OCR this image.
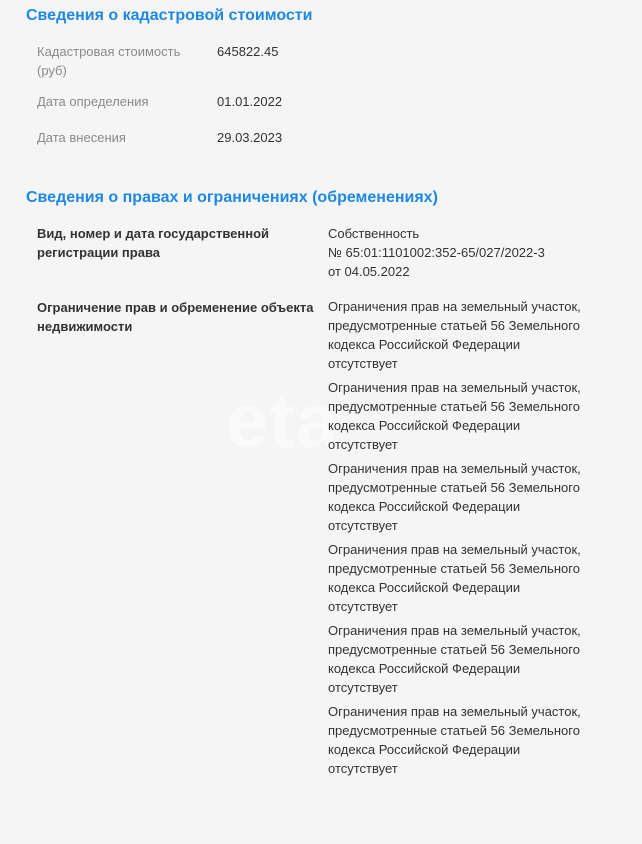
eta
Сведения о кадастровой стоимости
Кадастровая стоимость
(руб)
645822.45
Дата определения	01.01.2022
Дата внесения	29.03.2023
Сведения о правах и ограничениях (обременениях)
Вид, номер и дата государственной
регистрации права
Собственность
№ 65:01:1101002:352-65/027/2022-3
от 04.05.2022
Ограничение прав и обременение объекта
недвижимости
Ограничения прав на земельный участок,
предусмотренные статьей 56 Земельного
кодекса Российской Федерации
отсутствует
Ограничения прав на земельный участок,
предусмотренные статьей 56 Земельного
кодекса Российской Федерации
отсутствует
Ограничения прав на земельный участок,
предусмотренные статьей 56 Земельного
кодекса Российской Федерации
отсутствует
Ограничения прав на земельный участок,
предусмотренные статьей 56 Земельного
кодекса Российской Федерации
отсутствует
Ограничения прав на земельный участок,
предусмотренные статьей 56 Земельного
кодекса Российской Федерации
отсутствует
Ограничения прав на земельный участок,
предусмотренные статьей 56 Земельного
кодекса Российской Федерации
отсутствует
